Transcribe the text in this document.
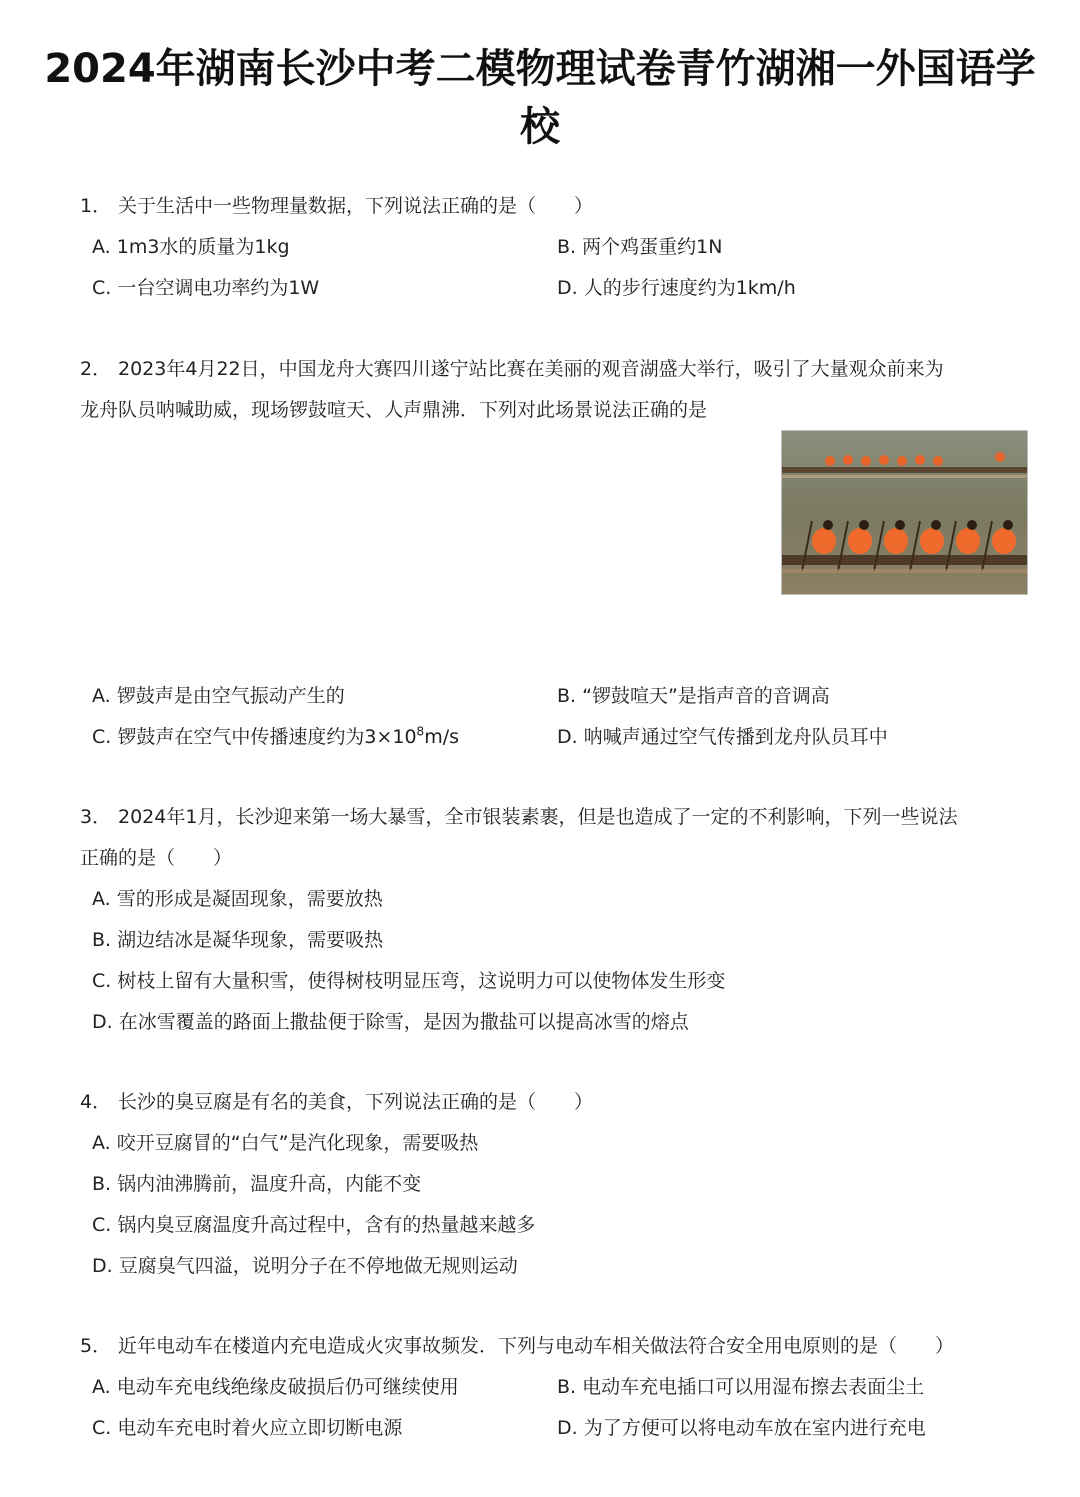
2024年湖南长沙中考二模物理试卷青竹湖湘一外国语学校
1． 关于生活中一些物理量数据，下列说法正确的是（　　）
A. 1m3水的质量为1kg	B. 两个鸡蛋重约1N
C. 一台空调电功率约为1W	D. 人的步行速度约为1km/h
2． 2023年4月22日，中国龙舟大赛四川遂宁站比赛在美丽的观音湖盛大举行，吸引了大量观众前来为
龙舟队员呐喊助威，现场锣鼓喧天、人声鼎沸．下列对此场景说法正确的是
A. 锣鼓声是由空气振动产生的	B. “锣鼓喧天”是指声音的音调高
C. 锣鼓声在空气中传播速度约为$3\times 10^8m/s$	D. 呐喊声通过空气传播到龙舟队员耳中
3． 2024年1月，长沙迎来第一场大暴雪，全市银装素裹，但是也造成了一定的不利影响，下列一些说法
正确的是（　　）
A. 雪的形成是凝固现象，需要放热
B. 湖边结冰是凝华现象，需要吸热
C. 树枝上留有大量积雪，使得树枝明显压弯，这说明力可以使物体发生形变
D. 在冰雪覆盖的路面上撒盐便于除雪，是因为撒盐可以提高冰雪的熔点
4． 长沙的臭豆腐是有名的美食，下列说法正确的是（　　）
A. 咬开豆腐冒的“白气”是汽化现象，需要吸热
B. 锅内油沸腾前，温度升高，内能不变
C. 锅内臭豆腐温度升高过程中，含有的热量越来越多
D. 豆腐臭气四溢，说明分子在不停地做无规则运动
5． 近年电动车在楼道内充电造成火灾事故频发．下列与电动车相关做法符合安全用电原则的是（　　）
A. 电动车充电线绝缘皮破损后仍可继续使用	B. 电动车充电插口可以用湿布擦去表面尘土
C. 电动车充电时着火应立即切断电源	D. 为了方便可以将电动车放在室内进行充电
